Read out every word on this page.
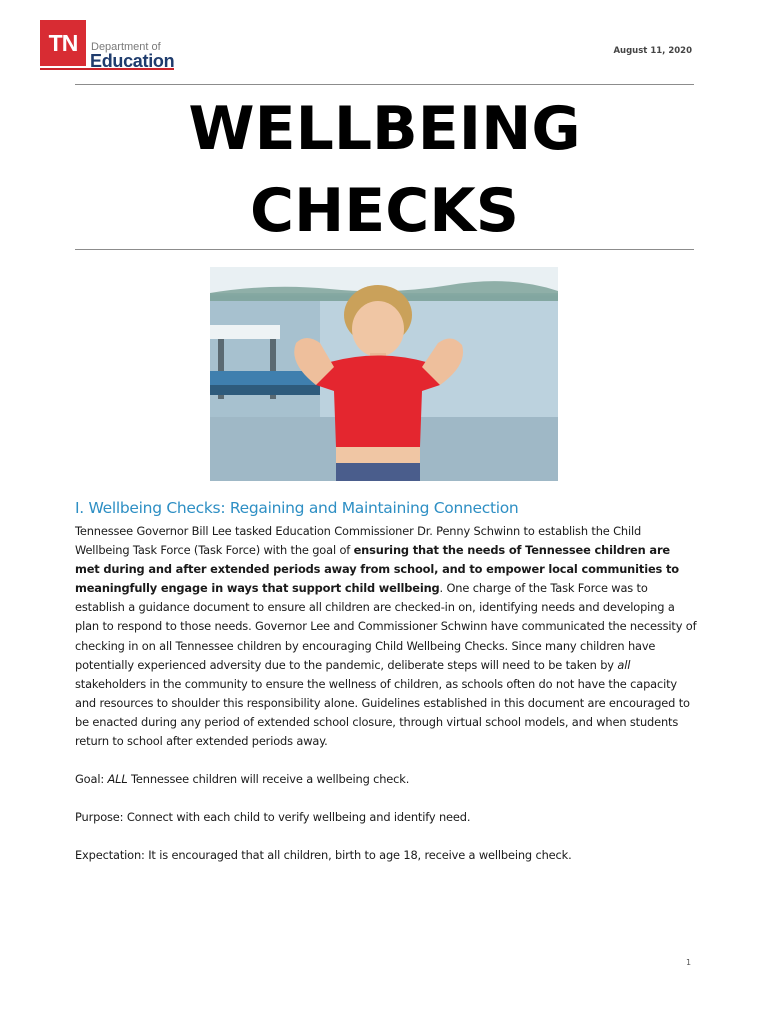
TN	Department of
Education	August 11, 2020
WELLBEING
CHECKS
I. Wellbeing Checks: Regaining and Maintaining Connection

Tennessee Governor Bill Lee tasked Education Commissioner Dr. Penny Schwinn to establish the Child Wellbeing Task Force (Task Force) with the goal of ensuring that the needs of Tennessee children are met during and after extended periods away from school, and to empower local communities to meaningfully engage in ways that support child wellbeing. One charge of the Task Force was to establish a guidance document to ensure all children are checked-in on, identifying needs and developing a plan to respond to those needs. Governor Lee and Commissioner Schwinn have communicated the necessity of checking in on all Tennessee children by encouraging Child Wellbeing Checks. Since many children have potentially experienced adversity due to the pandemic, deliberate steps will need to be taken by all stakeholders in the community to ensure the wellness of children, as schools often do not have the capacity and resources to shoulder this responsibility alone. Guidelines established in this document are encouraged to be enacted during any period of extended school closure, through virtual school models, and when students return to school after extended periods away.

Goal: ALL Tennessee children will receive a wellbeing check.

Purpose: Connect with each child to verify wellbeing and identify need.

Expectation: It is encouraged that all children, birth to age 18, receive a wellbeing check.

1
